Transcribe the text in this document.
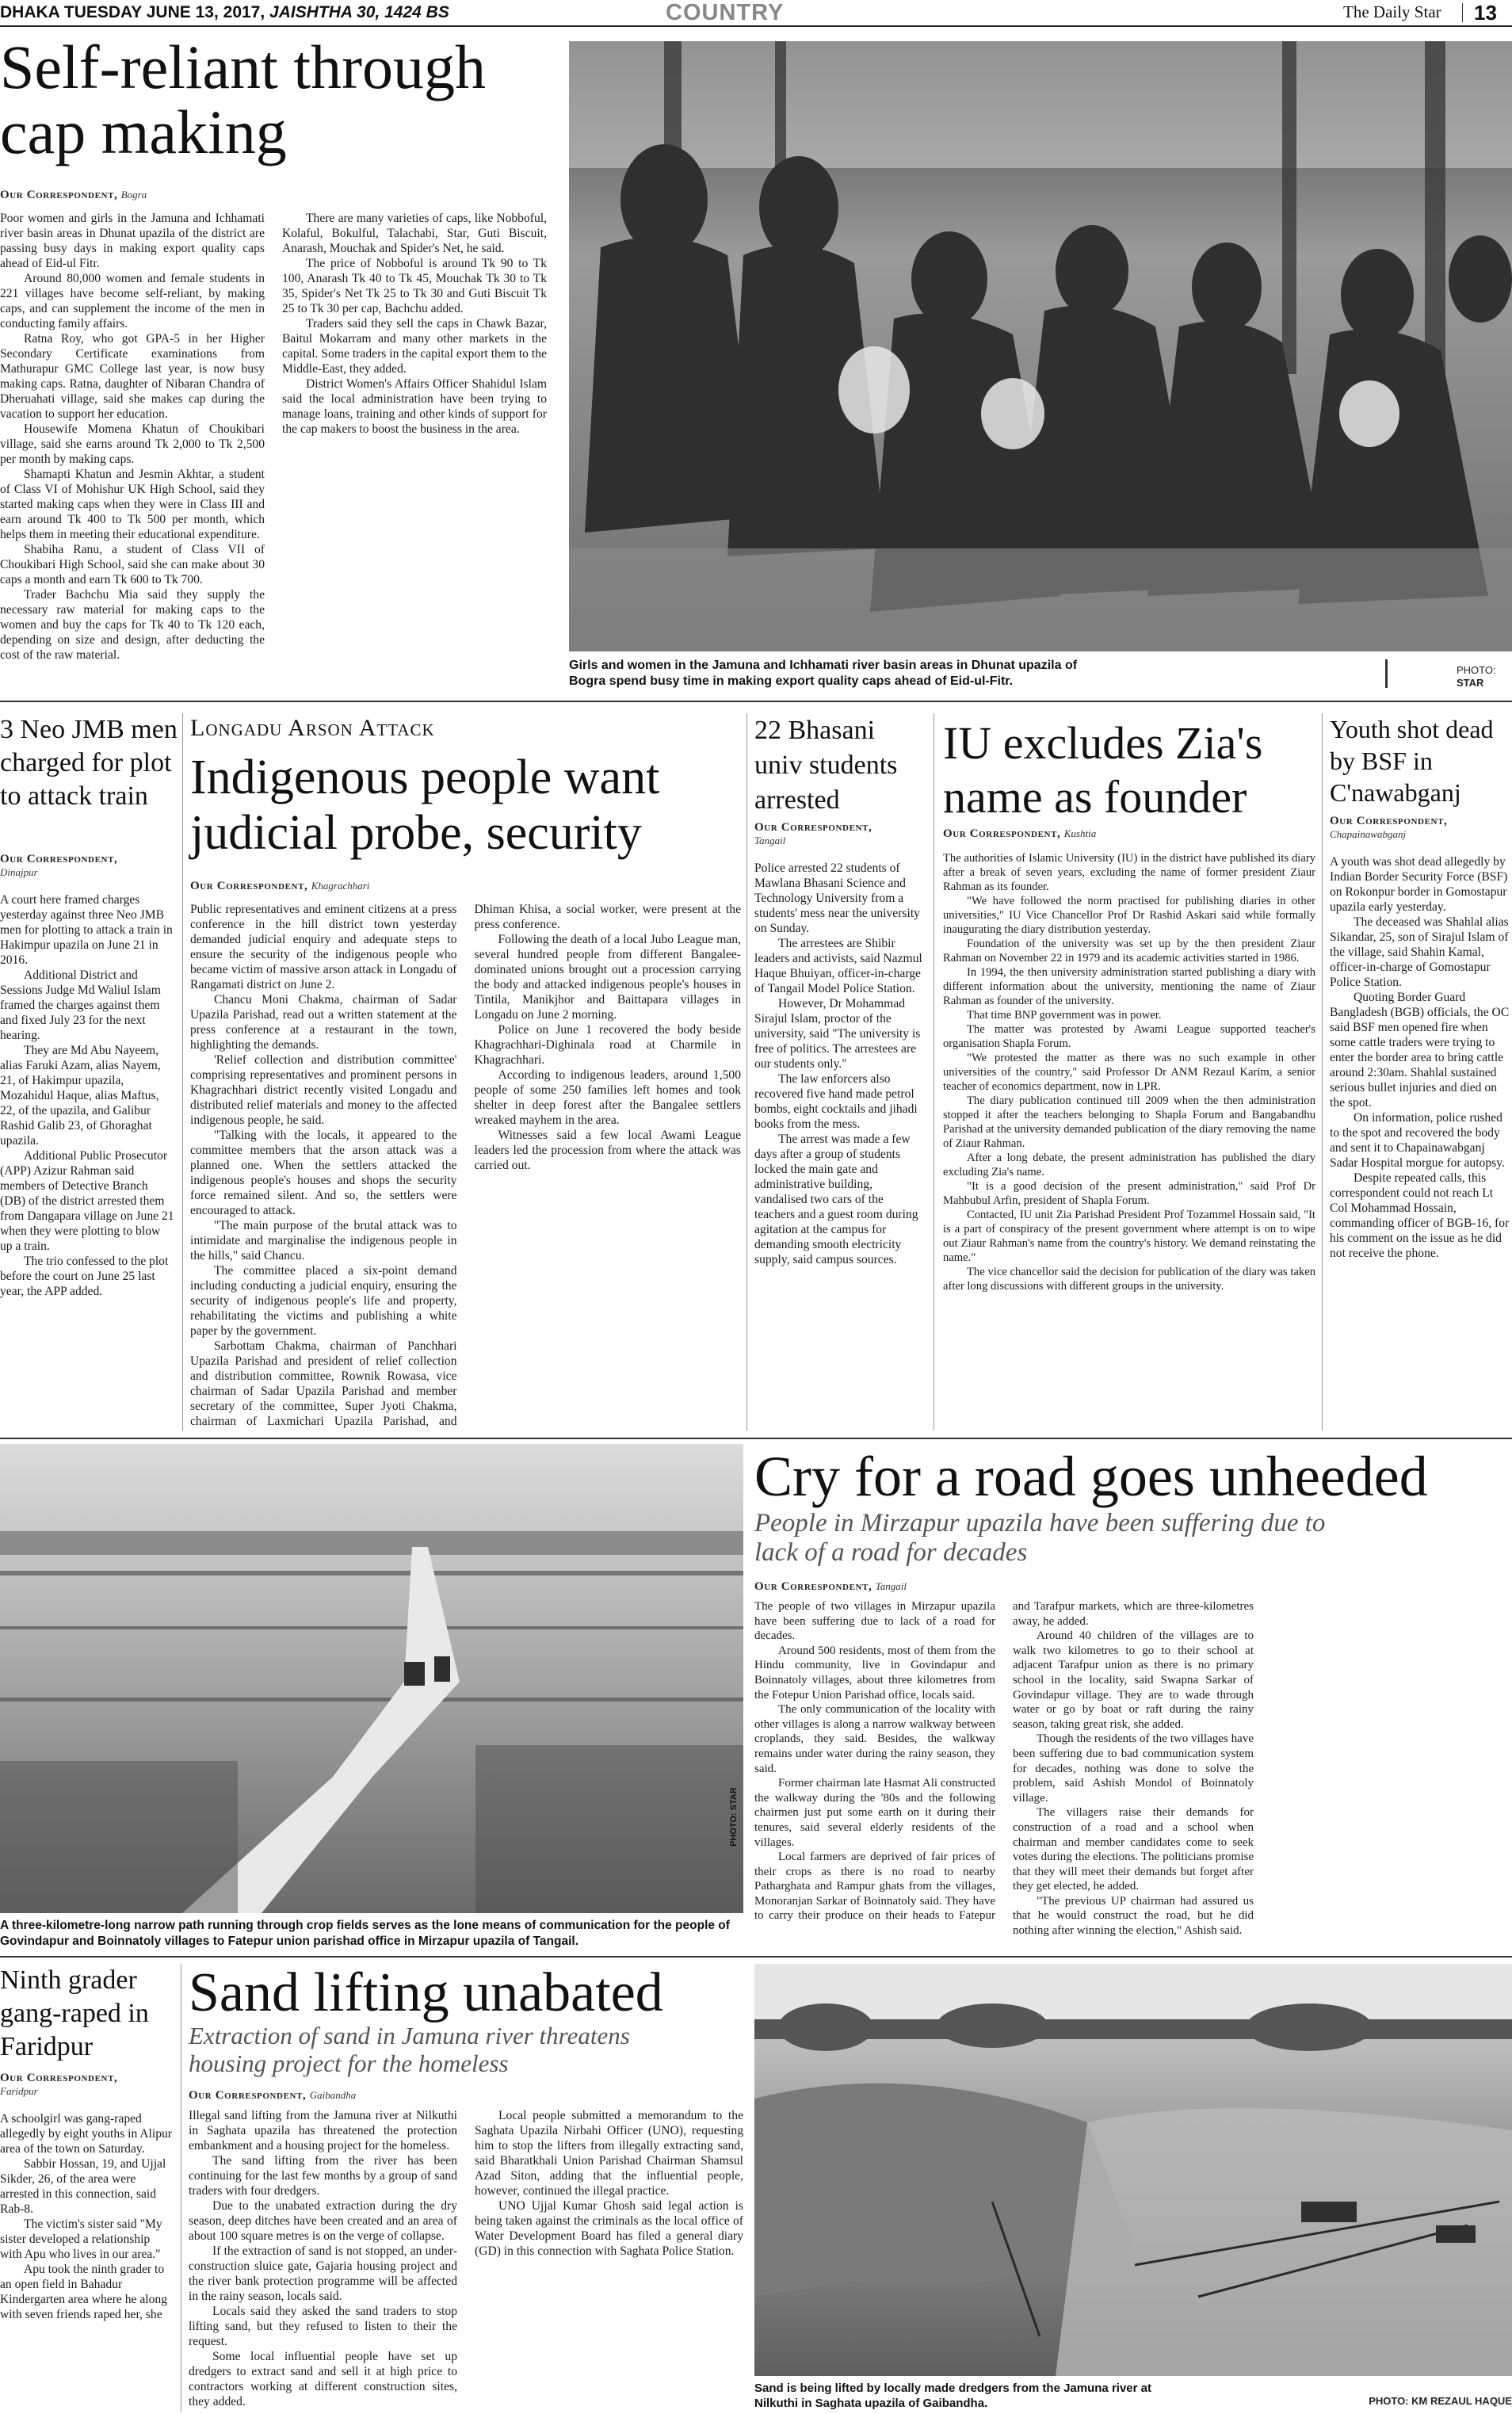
DHAKA TUESDAY JUNE 13, 2017, JAISHTHA 30, 1424 BS	COUNTRY	The Daily Star 13
Self-reliant through cap making
Our Correspondent, Bogra

Poor women and girls in the Jamuna and Ichhamati river basin areas in Dhunat upazila of the district are passing busy days in making export quality caps ahead of Eid-ul Fitr.

Around 80,000 women and female students in 221 villages have become self-reliant, by making caps, and can supplement the income of the men in conducting family affairs.

Ratna Roy, who got GPA-5 in her Higher Secondary Certificate examinations from Mathurapur GMC College last year, is now busy making caps. Ratna, daughter of Nibaran Chandra of Dheruahati village, said she makes cap during the vacation to support her education.

Housewife Momena Khatun of Choukibari village, said she earns around Tk 2,000 to Tk 2,500 per month by making caps.

Shamapti Khatun and Jesmin Akhtar, a student of Class VI of Mohishur UK High School, said they started making caps when they were in Class III and earn around Tk 400 to Tk 500 per month, which helps them in meeting their educational expenditure.

Shabiha Ranu, a student of Class VII of Choukibari High School, said she can make about 30 caps a month and earn Tk 600 to Tk 700.

Trader Bachchu Mia said they supply the necessary raw material for making caps to the women and buy the caps for Tk 40 to Tk 120 each, depending on size and design, after deducting the cost of the raw material.

There are many varieties of caps, like Nobboful, Kolaful, Bokulful, Talachabi, Star, Guti Biscuit, Anarash, Mouchak and Spider's Net, he said.

The price of Nobboful is around Tk 90 to Tk 100, Anarash Tk 40 to Tk 45, Mouchak Tk 30 to Tk 35, Spider's Net Tk 25 to Tk 30 and Guti Biscuit Tk 25 to Tk 30 per cap, Bachchu added.

Traders said they sell the caps in Chawk Bazar, Baitul Mokarram and many other markets in the capital. Some traders in the capital export them to the Middle-East, they added.

District Women's Affairs Officer Shahidul Islam said the local administration have been trying to manage loans, training and other kinds of support for the cap makers to boost the business in the area.

Girls and women in the Jamuna and Ichhamati river basin areas in Dhunat upazila of Bogra spend busy time in making export quality caps ahead of Eid-ul-Fitr.
PHOTO:
STAR
3 Neo JMB men charged for plot to attack train
Our Correspondent,
Dinajpur

A court here framed charges yesterday against three Neo JMB men for plotting to attack a train in Hakimpur upazila on June 21 in 2016.

Additional District and Sessions Judge Md Waliul Islam framed the charges against them and fixed July 23 for the next hearing.

They are Md Abu Nayeem, alias Faruki Azam, alias Nayem, 21, of Hakimpur upazila, Mozahidul Haque, alias Maftus, 22, of the upazila, and Galibur Rashid Galib 23, of Ghoraghat upazila.

Additional Public Prosecutor (APP) Azizur Rahman said members of Detective Branch (DB) of the district arrested them from Dangapara village on June 21 when they were plotting to blow up a train.

The trio confessed to the plot before the court on June 25 last year, the APP added.

Longadu Arson Attack
Indigenous people want judicial probe, security
Our Correspondent, Khagrachhari

Public representatives and eminent citizens at a press conference in the hill district town yesterday demanded judicial enquiry and adequate steps to ensure the security of the indigenous people who became victim of massive arson attack in Longadu of Rangamati district on June 2.

Chancu Moni Chakma, chairman of Sadar Upazila Parishad, read out a written statement at the press conference at a restaurant in the town, highlighting the demands.

'Relief collection and distribution committee' comprising representatives and prominent persons in Khagrachhari district recently visited Longadu and distributed relief materials and money to the affected indigenous people, he said.

"Talking with the locals, it appeared to the committee members that the arson attack was a planned one. When the settlers attacked the indigenous people's houses and shops the security force remained silent. And so, the settlers were encouraged to attack.

"The main purpose of the brutal attack was to intimidate and marginalise the indigenous people in the hills," said Chancu.

The committee placed a six-point demand including conducting a judicial enquiry, ensuring the security of indigenous people's life and property, rehabilitating the victims and publishing a white paper by the government.

Sarbottam Chakma, chairman of Panchhari Upazila Parishad and president of relief collection and distribution committee, Rownik Rowasa, vice chairman of Sadar Upazila Parishad and member secretary of the committee, Super Jyoti Chakma, chairman of Laxmichari Upazila Parishad, and Dhiman Khisa, a social worker, were present at the press conference.

Following the death of a local Jubo League man, several hundred people from different Bangalee-dominated unions brought out a procession carrying the body and attacked indigenous people's houses in Tintila, Manikjhor and Baittapara villages in Longadu on June 2 morning.

Police on June 1 recovered the body beside Khagrachhari-Dighinala road at Charmile in Khagrachhari.

According to indigenous leaders, around 1,500 people of some 250 families left homes and took shelter in deep forest after the Bangalee settlers wreaked mayhem in the area.

Witnesses said a few local Awami League leaders led the procession from where the attack was carried out.

22 Bhasani univ students arrested
Our Correspondent,
Tangail

Police arrested 22 students of Mawlana Bhasani Science and Technology University from a students' mess near the university on Sunday.

The arrestees are Shibir leaders and activists, said Nazmul Haque Bhuiyan, officer-in-charge of Tangail Model Police Station.

However, Dr Mohammad Sirajul Islam, proctor of the university, said "The university is free of politics. The arrestees are our students only."

The law enforcers also recovered five hand made petrol bombs, eight cocktails and jihadi books from the mess.

The arrest was made a few days after a group of students locked the main gate and administrative building, vandalised two cars of the teachers and a guest room during agitation at the campus for demanding smooth electricity supply, said campus sources.

IU excludes Zia's name as founder
Our Correspondent, Kushtia

The authorities of Islamic University (IU) in the district have published its diary after a break of seven years, excluding the name of former president Ziaur Rahman as its founder.

"We have followed the norm practised for publishing diaries in other universities," IU Vice Chancellor Prof Dr Rashid Askari said while formally inaugurating the diary distribution yesterday.

Foundation of the university was set up by the then president Ziaur Rahman on November 22 in 1979 and its academic activities started in 1986.

In 1994, the then university administration started publishing a diary with different information about the university, mentioning the name of Ziaur Rahman as founder of the university.

That time BNP government was in power.

The matter was protested by Awami League supported teacher's organisation Shapla Forum.

"We protested the matter as there was no such example in other universities of the country," said Professor Dr ANM Rezaul Karim, a senior teacher of economics department, now in LPR.

The diary publication continued till 2009 when the then administration stopped it after the teachers belonging to Shapla Forum and Bangabandhu Parishad at the university demanded publication of the diary removing the name of Ziaur Rahman.

After a long debate, the present administration has published the diary excluding Zia's name.

"It is a good decision of the present administration," said Prof Dr Mahbubul Arfin, president of Shapla Forum.

Contacted, IU unit Zia Parishad President Prof Tozammel Hossain said, "It is a part of conspiracy of the present government where attempt is on to wipe out Ziaur Rahman's name from the country's history. We demand reinstating the name."

The vice chancellor said the decision for publication of the diary was taken after long discussions with different groups in the university.

Youth shot dead by BSF in C'nawabganj
Our Correspondent,
Chapainawabganj

A youth was shot dead allegedly by Indian Border Security Force (BSF) on Rokonpur border in Gomostapur upazila early yesterday.

The deceased was Shahlal alias Sikandar, 25, son of Sirajul Islam of the village, said Shahin Kamal, officer-in-charge of Gomostapur Police Station.

Quoting Border Guard Bangladesh (BGB) officials, the OC said BSF men opened fire when some cattle traders were trying to enter the border area to bring cattle around 2:30am. Shahlal sustained serious bullet injuries and died on the spot.

On information, police rushed to the spot and recovered the body and sent it to Chapainawabganj Sadar Hospital morgue for autopsy.

Despite repeated calls, this correspondent could not reach Lt Col Mohammad Hossain, commanding officer of BGB-16, for his comment on the issue as he did not receive the phone.

PHOTO: STAR
A three-kilometre-long narrow path running through crop fields serves as the lone means of communication for the people of Govindapur and Boinnatoly villages to Fatepur union parishad office in Mirzapur upazila of Tangail.
Cry for a road goes unheeded
People in Mirzapur upazila have been suffering due to lack of a road for decades
Our Correspondent, Tangail

The people of two villages in Mirzapur upazila have been suffering due to lack of a road for decades.

Around 500 residents, most of them from the Hindu community, live in Govindapur and Boinnatoly villages, about three kilometres from the Fotepur Union Parishad office, locals said.

The only communication of the locality with other villages is along a narrow walkway between croplands, they said. Besides, the walkway remains under water during the rainy season, they said.

Former chairman late Hasmat Ali constructed the walkway during the '80s and the following chairmen just put some earth on it during their tenures, said several elderly residents of the villages.

Local farmers are deprived of fair prices of their crops as there is no road to nearby Patharghata and Rampur ghats from the villages, Monoranjan Sarkar of Boinnatoly said. They have to carry their produce on their heads to Fatepur and Tarafpur markets, which are three-kilometres away, he added.

Around 40 children of the villages are to walk two kilometres to go to their school at adjacent Tarafpur union as there is no primary school in the locality, said Swapna Sarkar of Govindapur village. They are to wade through water or go by boat or raft during the rainy season, taking great risk, she added.

Though the residents of the two villages have been suffering due to bad communication system for decades, nothing was done to solve the problem, said Ashish Mondol of Boinnatoly village.

The villagers raise their demands for construction of a road and a school when chairman and member candidates come to seek votes during the elections. The politicians promise that they will meet their demands but forget after they get elected, he added.

"The previous UP chairman had assured us that he would construct the road, but he did nothing after winning the election," Ashish said.

Ninth grader gang-raped in Faridpur
Our Correspondent,
Faridpur

A schoolgirl was gang-raped allegedly by eight youths in Alipur area of the town on Saturday.

Sabbir Hossan, 19, and Ujjal Sikder, 26, of the area were arrested in this connection, said Rab-8.

The victim's sister said "My sister developed a relationship with Apu who lives in our area."

Apu took the ninth grader to an open field in Bahadur Kindergarten area where he along with seven friends raped her, she

Sand lifting unabated
Extraction of sand in Jamuna river threatens housing project for the homeless
Our Correspondent, Gaibandha

Illegal sand lifting from the Jamuna river at Nilkuthi in Saghata upazila has threatened the protection embankment and a housing project for the homeless.

The sand lifting from the river has been continuing for the last few months by a group of sand traders with four dredgers.

Due to the unabated extraction during the dry season, deep ditches have been created and an area of about 100 square metres is on the verge of collapse.

If the extraction of sand is not stopped, an under-construction sluice gate, Gajaria housing project and the river bank protection programme will be affected in the rainy season, locals said.

Locals said they asked the sand traders to stop lifting sand, but they refused to listen to their the request.

Some local influential people have set up dredgers to extract sand and sell it at high price to contractors working at different construction sites, they added.

Local people submitted a memorandum to the Saghata Upazila Nirbahi Officer (UNO), requesting him to stop the lifters from illegally extracting sand, said Bharatkhali Union Parishad Chairman Shamsul Azad Siton, adding that the influential people, however, continued the illegal practice.

UNO Ujjal Kumar Ghosh said legal action is being taken against the criminals as the local office of Water Development Board has filed a general diary (GD) in this connection with Saghata Police Station.

Sand is being lifted by locally made dredgers from the Jamuna river at Nilkuthi in Saghata upazila of Gaibandha.	PHOTO: KM REZAUL HAQUE
